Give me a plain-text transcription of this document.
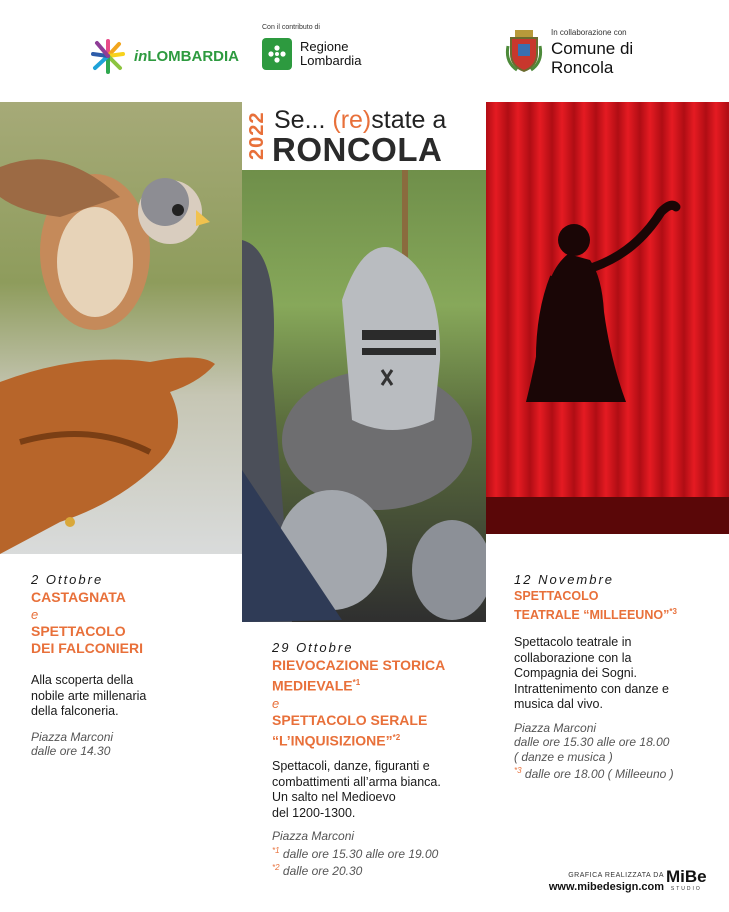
inLOMBARDIA
Con il contributo di
Regione
Lombardia
In collaborazione con
Comune di
Roncola
2022 Se... (re)state a
RONCOLA
2 Ottobre
CASTAGNATA
e
SPETTACOLO
DEI FALCONIERI
Alla scoperta della
nobile arte millenaria
della falconeria.
Piazza Marconi
dalle ore 14.30
29 Ottobre
RIEVOCAZIONE STORICA
MEDIEVALE$^{*1}$
e
SPETTACOLO SERALE
“L’INQUISIZIONE”$^{*2}$
Spettacoli, danze, figuranti e
combattimenti all’arma bianca.
Un salto nel Medioevo
del 1200-1300.
Piazza Marconi
$^{*1}$ dalle ore 15.30 alle ore 19.00
$^{*2}$ dalle ore 20.30
12 Novembre
SPETTACOLO
TEATRALE “MILLEEUNO”$^{*3}$
Spettacolo teatrale in
collaborazione con la
Compagnia dei Sogni.
Intrattenimento con danze e
musica dal vivo.
Piazza Marconi
dalle ore 15.30 alle ore 18.00
( danze e musica )
$^{*3}$ dalle ore 18.00 ( Milleeuno )
GRAFICA REALIZZATA DA
www.mibedesign.com
MiBe
STUDIO
